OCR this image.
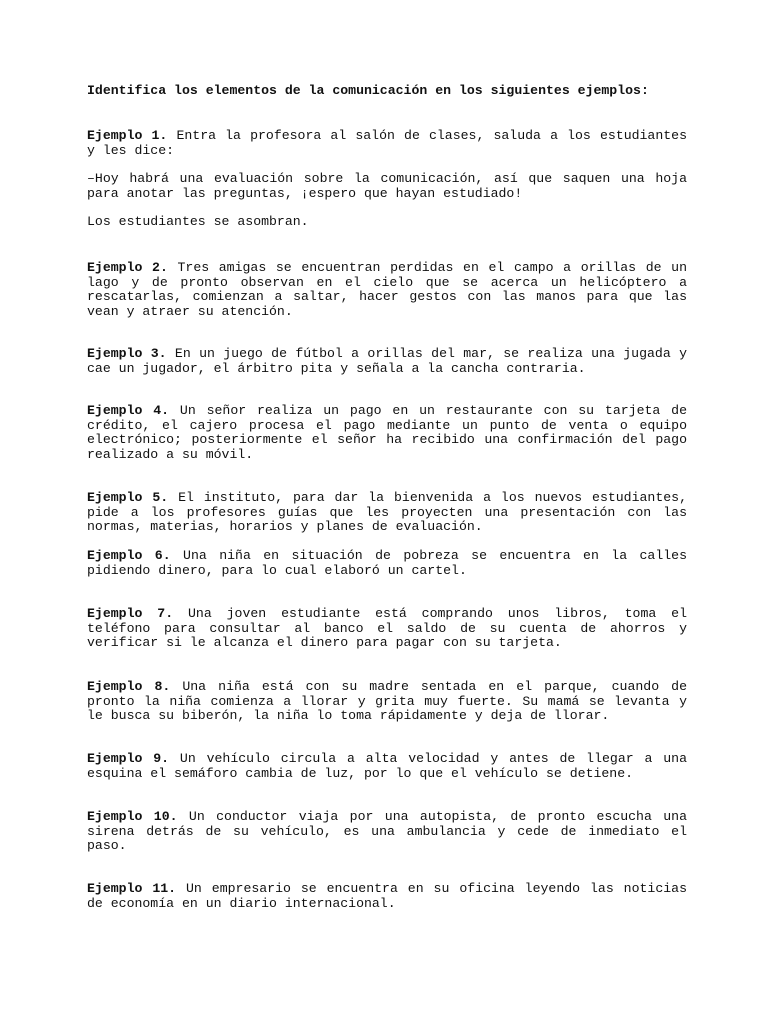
Identifica los elementos de la comunicación en los siguientes ejemplos:

Ejemplo 1. Entra la profesora al salón de clases, saluda a los estudiantes y les dice:

–Hoy habrá una evaluación sobre la comunicación, así que saquen una hoja para anotar las preguntas, ¡espero que hayan estudiado!

Los estudiantes se asombran.

Ejemplo 2. Tres amigas se encuentran perdidas en el campo a orillas de un lago y de pronto observan en el cielo que se acerca un helicóptero a rescatarlas, comienzan a saltar, hacer gestos con las manos para que las vean y atraer su atención.

Ejemplo 3. En un juego de fútbol a orillas del mar, se realiza una jugada y cae un jugador, el árbitro pita y señala a la cancha contraria.

Ejemplo 4. Un señor realiza un pago en un restaurante con su tarjeta de crédito, el cajero procesa el pago mediante un punto de venta o equipo electrónico; posteriormente el señor ha recibido una confirmación del pago realizado a su móvil.

Ejemplo 5. El instituto, para dar la bienvenida a los nuevos estudiantes, pide a los profesores guías que les proyecten una presentación con las normas, materias, horarios y planes de evaluación.

Ejemplo 6. Una niña en situación de pobreza se encuentra en la calles pidiendo dinero, para lo cual elaboró un cartel.

Ejemplo 7. Una joven estudiante está comprando unos libros, toma el teléfono para consultar al banco el saldo de su cuenta de ahorros y verificar si le alcanza el dinero para pagar con su tarjeta.

Ejemplo 8. Una niña está con su madre sentada en el parque, cuando de pronto la niña comienza a llorar y grita muy fuerte. Su mamá se levanta y le busca su biberón, la niña lo toma rápidamente y deja de llorar.

Ejemplo 9. Un vehículo circula a alta velocidad y antes de llegar a una esquina el semáforo cambia de luz, por lo que el vehículo se detiene.

Ejemplo 10. Un conductor viaja por una autopista, de pronto escucha una sirena detrás de su vehículo, es una ambulancia y cede de inmediato el paso.

Ejemplo 11. Un empresario se encuentra en su oficina leyendo las noticias de economía en un diario internacional.
